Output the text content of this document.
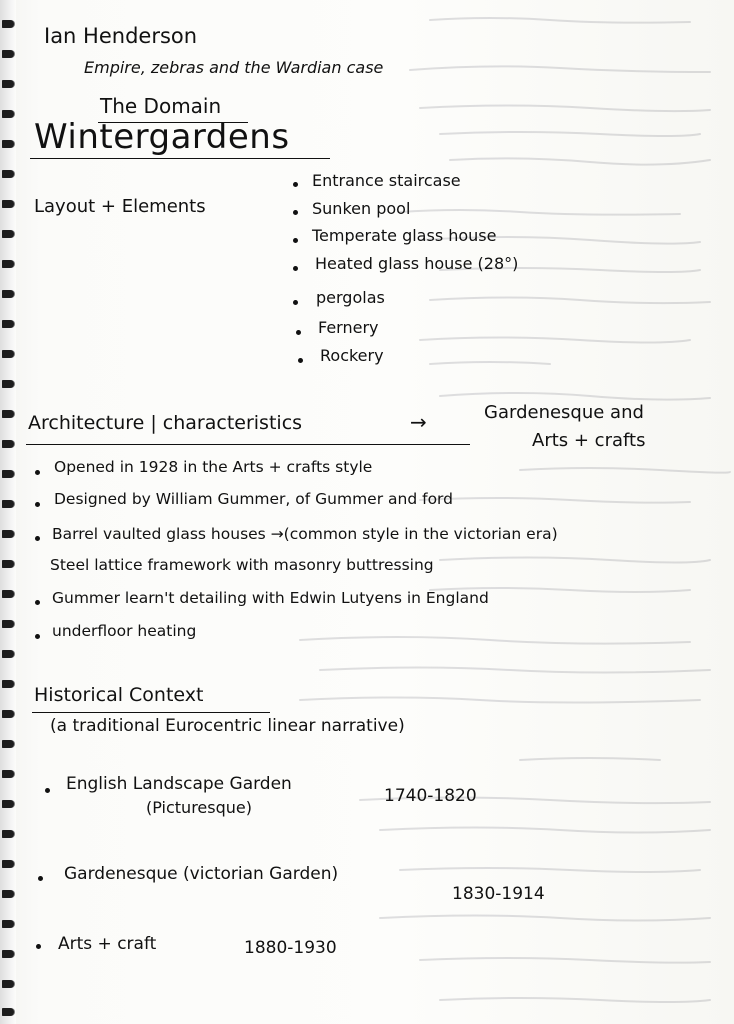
Ian Henderson
Empire, zebras and the Wardian case
The Domain
Wintergardens
Layout + Elements
Entrance staircase
Sunken pool
Temperate glass house
Heated glass house (28°)
pergolas
Fernery
Rockery
Architecture | characteristics	→	Gardenesque and
Arts + crafts
Opened in 1928 in the Arts + crafts style
Designed by William Gummer, of Gummer and ford
Barrel vaulted glass houses →(common style in the victorian era)
Steel lattice framework with masonry buttressing
Gummer learn't detailing with Edwin Lutyens in England
underfloor heating
Historical Context
(a traditional Eurocentric linear narrative)
English Landscape Garden
(Picturesque)
1740-1820
Gardenesque (victorian Garden)
1830-1914
Arts + craft	1880-1930
